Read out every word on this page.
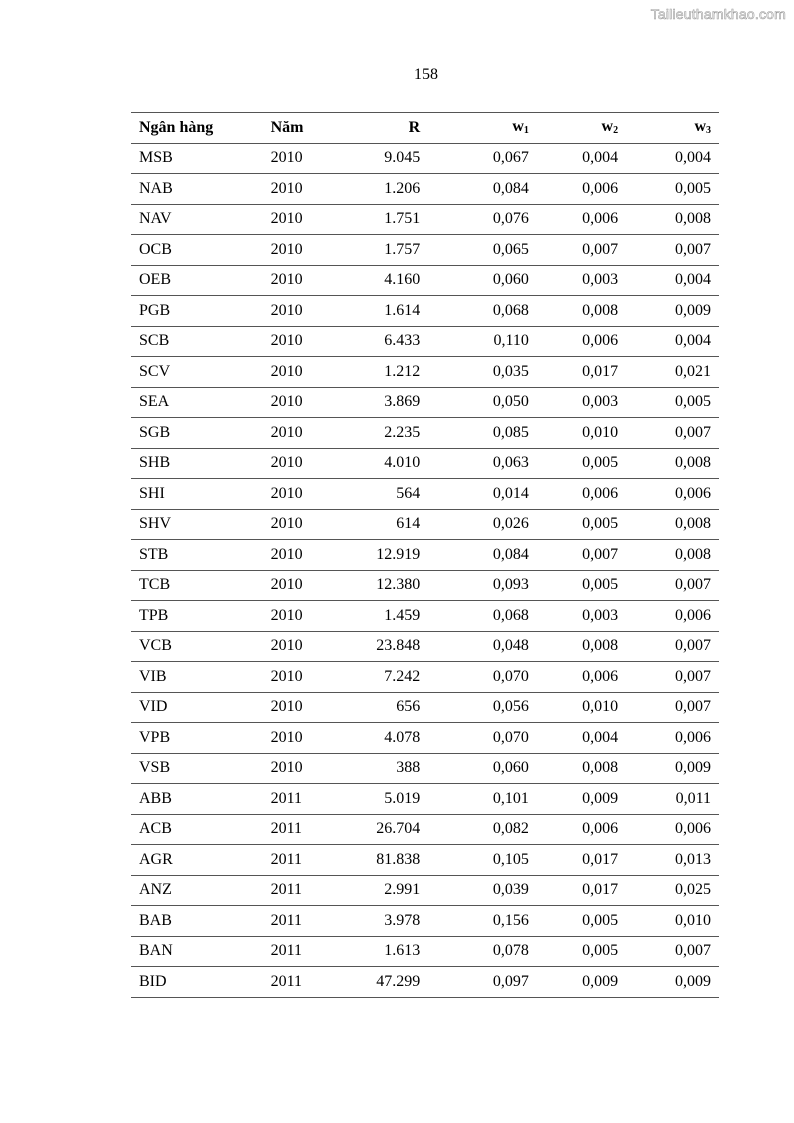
Tailieuthamkhao.com
158
Ngân hàng	Năm	R	$w_1$	$w_2$	$w_3$
MSB	2010	9.045	0,067	0,004	0,004
NAB	2010	1.206	0,084	0,006	0,005
NAV	2010	1.751	0,076	0,006	0,008
OCB	2010	1.757	0,065	0,007	0,007
OEB	2010	4.160	0,060	0,003	0,004
PGB	2010	1.614	0,068	0,008	0,009
SCB	2010	6.433	0,110	0,006	0,004
SCV	2010	1.212	0,035	0,017	0,021
SEA	2010	3.869	0,050	0,003	0,005
SGB	2010	2.235	0,085	0,010	0,007
SHB	2010	4.010	0,063	0,005	0,008
SHI	2010	564	0,014	0,006	0,006
SHV	2010	614	0,026	0,005	0,008
STB	2010	12.919	0,084	0,007	0,008
TCB	2010	12.380	0,093	0,005	0,007
TPB	2010	1.459	0,068	0,003	0,006
VCB	2010	23.848	0,048	0,008	0,007
VIB	2010	7.242	0,070	0,006	0,007
VID	2010	656	0,056	0,010	0,007
VPB	2010	4.078	0,070	0,004	0,006
VSB	2010	388	0,060	0,008	0,009
ABB	2011	5.019	0,101	0,009	0,011
ACB	2011	26.704	0,082	0,006	0,006
AGR	2011	81.838	0,105	0,017	0,013
ANZ	2011	2.991	0,039	0,017	0,025
BAB	2011	3.978	0,156	0,005	0,010
BAN	2011	1.613	0,078	0,005	0,007
BID	2011	47.299	0,097	0,009	0,009
